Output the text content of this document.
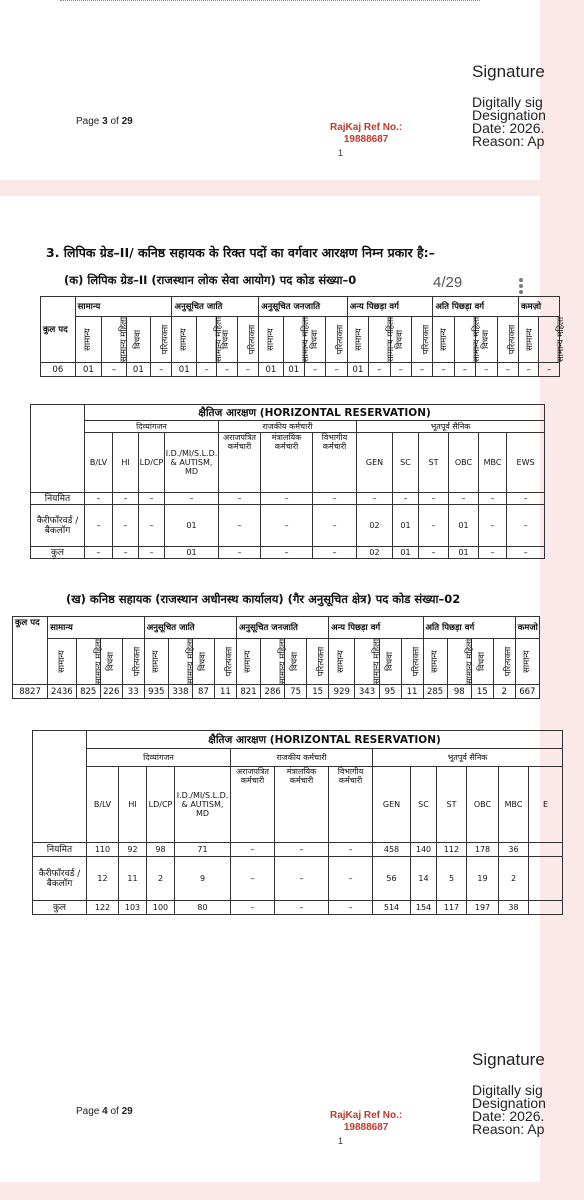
Page 3 of 29
RajKaj Ref No.:
19888687
1
Signature
Digitally sig
Designation
Date: 2026.
Reason: Ap
3. लिपिक ग्रेड–II/ कनिष्ठ सहायक के रिक्त पदों का वर्गवार आरक्षण निम्न प्रकार है:–
(क) लिपिक ग्रेड–II (राजस्थान लोक सेवा आयोग) पद कोड संख्या–0	4/29
कुल पद	सामान्य				अनुसूचित जाति				अनुसूचित जनजाति				अन्य पिछड़ा वर्ग				अति पिछड़ा वर्ग				कमज़ो	
	सामान्य	सामान्य महिला	विधवा	परित्यक्ता	सामान्य	सामान्य महिला	विधवा	परित्यक्ता	सामान्य	सामान्य महिला	विधवा	परित्यक्ता	सामान्य	सामान्य महिला	विधवा	परित्यक्ता	सामान्य	सामान्य महिला	विधवा	परित्यक्ता	सामान्य	सामान्य महिला
06	01	–	01	–	01	–	–	–	01	01	–	–	01	–	–	–	–	–	–	–	–	–
	क्षैतिज आरक्षण (HORIZONTAL RESERVATION)												
	दिव्यांगजन				राजकीय कर्मचारी			भूतपूर्व सैनिक					
	B/LV	HI	LD/CP	I.D./MI/S.L.D. & AUTISM, MD	अराजपत्रित कर्मचारी	मंत्रालयिक कर्मचारी	विभागीय कर्मचारी	GEN	SC	ST	OBC	MBC	EWS
नियमित	–	–	–	–	–	–	–	–	–	–	–	–	–
कैरीफॉरवर्ड / बैकलॉग	–	–	–	01	–	–	–	02	01	–	01	–	–
कुल	–	–	–	01	–	–	–	02	01	–	01	–	–
(ख) कनिष्ठ सहायक (राजस्थान अधीनस्थ कार्यालय) (गैर अनुसूचित क्षेत्र) पद कोड संख्या–02
कुल पद	सामान्य				अनुसूचित जाति				अनुसूचित जनजाति				अन्य पिछड़ा वर्ग				अति पिछड़ा वर्ग				कमजो
	सामान्य	सामान्य महिला	विधवा	परित्यक्ता	सामान्य	सामान्य महिला	विधवा	परित्यक्ता	सामान्य	सामान्य महिला	विधवा	परित्यक्ता	सामान्य	सामान्य महिला	विधवा	परित्यक्ता	सामान्य	सामान्य महिला	विधवा	परित्यक्ता	सामान्य
8827	2436	825	226	33	935	338	87	11	821	286	75	15	929	343	95	11	285	98	15	2	667
	क्षैतिज आरक्षण (HORIZONTAL RESERVATION)												
	दिव्यांगजन				राजकीय कर्मचारी			भूतपूर्व सैनिक					
	B/LV	HI	LD/CP	I.D./MI/S.L.D. & AUTISM, MD	अराजपत्रित कर्मचारी	मंत्रालयिक कर्मचारी	विभागीय कर्मचारी	GEN	SC	ST	OBC	MBC	E
नियमित	110	92	98	71	–	–	–	458	140	112	178	36	
कैरीफॉरवर्ड / बैकलॉग	12	11	2	9	–	–	–	56	14	5	19	2	
कुल	122	103	100	80	–	–	–	514	154	117	197	38	
Signature
Digitally sig
Designation
Date: 2026.
Reason: Ap
Page 4 of 29	RajKaj Ref No.:
19888687
1
